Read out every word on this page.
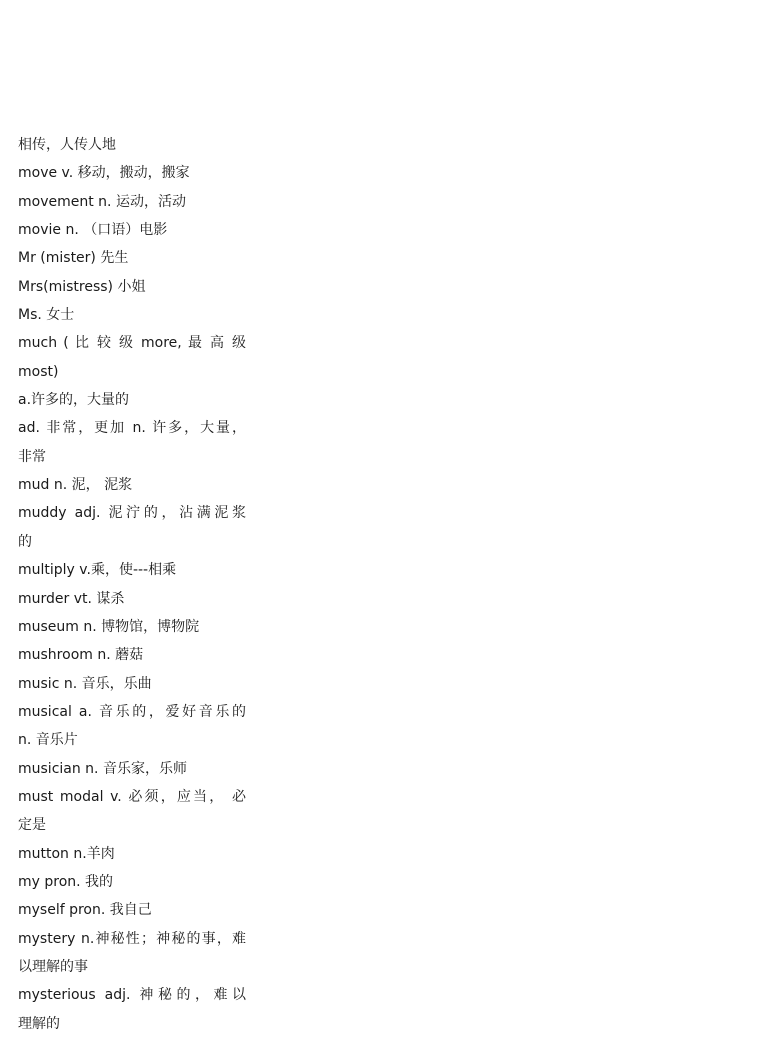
相传，人传人地
move v. 移动，搬动，搬家
movement n. 运动，活动
movie n. （口语）电影
Mr (mister) 先生
Mrs(mistress) 小姐
Ms. 女士
much ( 比 较 级 more, 最 高 级
most)
a.许多的，大量的
ad. 非常，更加 n. 许多，大量，
非常
mud n. 泥， 泥浆
muddy adj. 泥泞的，沾满泥浆
的
multiply v.乘，使---相乘
murder vt. 谋杀
museum n. 博物馆，博物院
mushroom n. 蘑菇
music n. 音乐，乐曲
musical a. 音乐的，爱好音乐的
n. 音乐片
musician n. 音乐家，乐师
must modal v. 必须，应当， 必
定是
mutton n.羊肉
my pron. 我的
myself pron. 我自己
mystery n.神秘性；神秘的事，难
以理解的事
mysterious adj. 神秘的，难以
理解的
